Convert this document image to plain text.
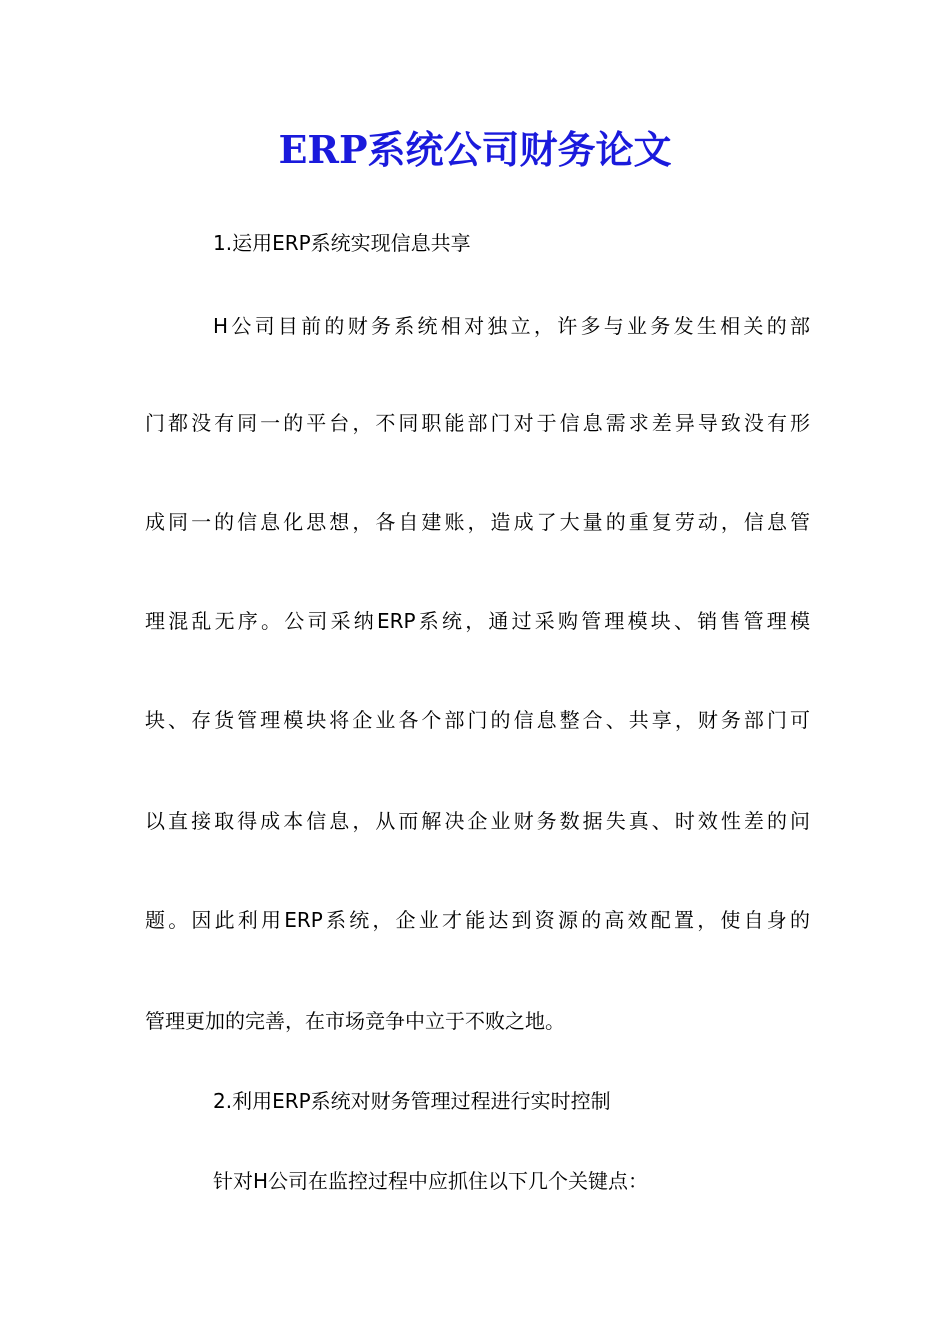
ERP系统公司财务论文

1.运用ERP系统实现信息共享

H公司目前的财务系统相对独立，许多与业务发生相关的部

门都没有同一的平台，不同职能部门对于信息需求差异导致没有形

成同一的信息化思想，各自建账，造成了大量的重复劳动，信息管

理混乱无序。公司采纳ERP系统，通过采购管理模块、销售管理模

块、存货管理模块将企业各个部门的信息整合、共享，财务部门可

以直接取得成本信息，从而解决企业财务数据失真、时效性差的问

题。因此利用ERP系统，企业才能达到资源的高效配置，使自身的

管理更加的完善，在市场竞争中立于不败之地。

2.利用ERP系统对财务管理过程进行实时控制

针对H公司在监控过程中应抓住以下几个关键点：
